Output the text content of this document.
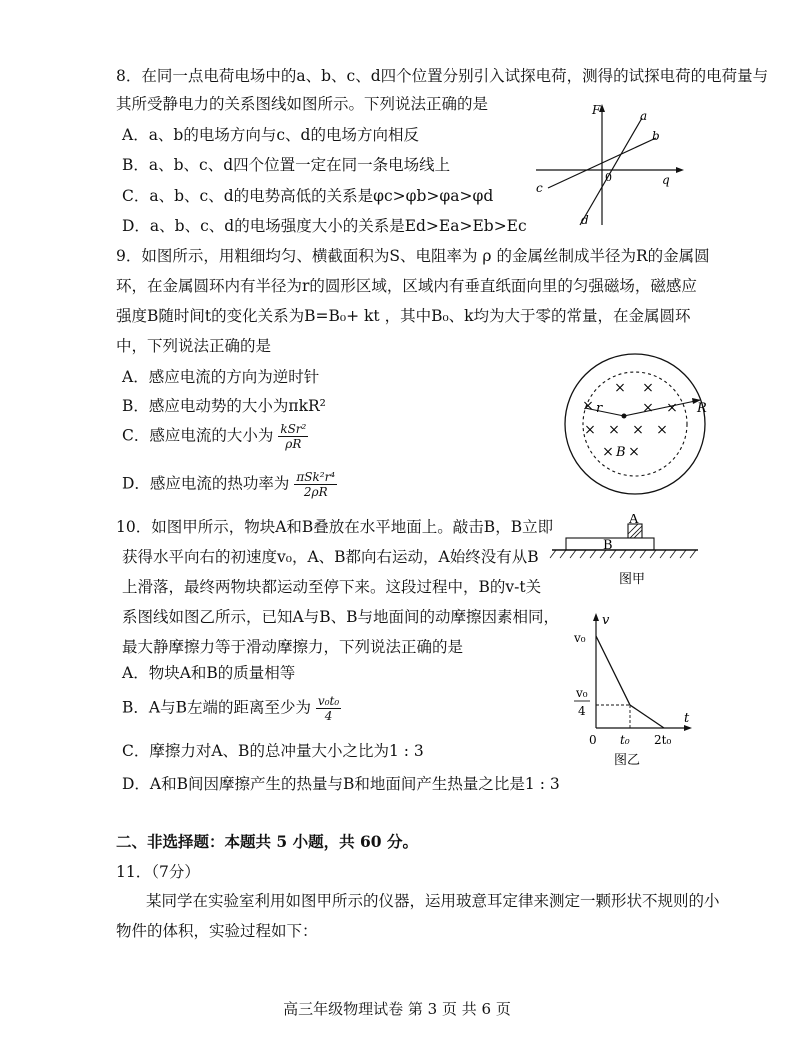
8．在同一点电荷电场中的a、b、c、d四个位置分别引入试探电荷，测得的试探电荷的电荷量与
其所受静电力的关系图线如图所示。下列说法正确的是
A．a、b的电场方向与c、d的电场方向相反
B．a、b、c、d四个位置一定在同一条电场线上
C．a、b、c、d的电势高低的关系是φc>φb>φa>φd
D．a、b、c、d的电场强度大小的关系是Ed>Ea>Eb>Ec
F
q
0
a
b
c
d
9．如图所示，用粗细均匀、横截面积为S、电阻率为 ρ 的金属丝制成半径为R的金属圆
环，在金属圆环内有半径为r的圆形区域，区域内有垂直纸面向里的匀强磁场，磁感应
强度B随时间t的变化关系为B=B₀+ kt ，其中B₀、k均为大于零的常量，在金属圆环
中，下列说法正确的是
A．感应电流的方向为逆时针
B．感应电动势的大小为πkR²
C．感应电流的大小为 $\frac{\text{kSr²}}{\rho R}$
D．感应电流的热功率为 $\frac{\text{πSk²r⁴}}{2\rho R}$
× ×
×	× ×
× × × ×
× ×
r	R
B
10．如图甲所示，物块A和B叠放在水平地面上。敲击B，B立即
获得水平向右的初速度v₀，A、B都向右运动，A始终没有从B
上滑落，最终两物块都运动至停下来。这段过程中，B的v-t关
系图线如图乙所示，已知A与B、B与地面间的动摩擦因素相同，
最大静摩擦力等于滑动摩擦力，下列说法正确的是
A．物块A和B的质量相等
B．A与B左端的距离至少为 $\frac{\text{v₀t₀}}{4}$
C．摩擦力对A、B的总冲量大小之比为1 : 3
D．A和B间因摩擦产生的热量与B和地面间产生热量之比是1 : 3
A
B
图甲
v
t
v₀
v₀
4
0 t₀ 2t₀
图乙
二、非选择题：本题共 5 小题，共 60 分。
11．（7分）
某同学在实验室利用如图甲所示的仪器，运用玻意耳定律来测定一颗形状不规则的小
物件的体积，实验过程如下：
高三年级物理试卷 第 3 页 共 6 页
